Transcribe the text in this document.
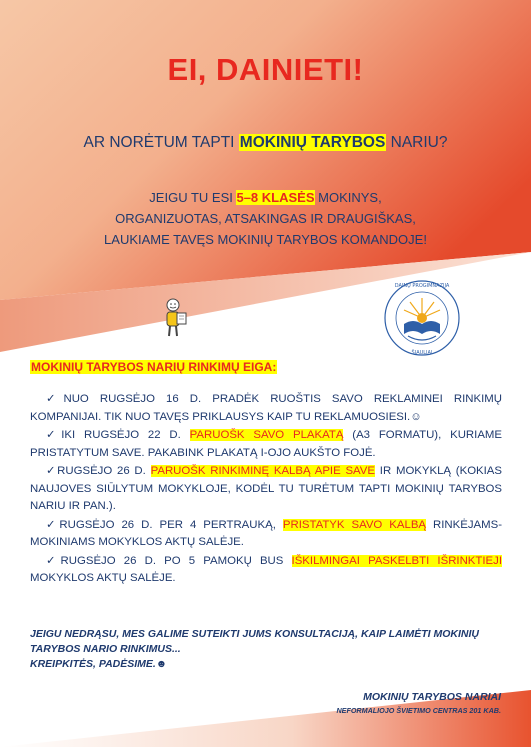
EI, DAINIETI!
AR NORĖTUM TAPTI MOKINIŲ TARYBOS NARIU?
JEIGU TU ESI 5–8 KLASĖS MOKINYS,
ORGANIZUOTAS, ATSAKINGAS IR DRAUGIŠKAS,
LAUKIAME TAVĘS MOKINIŲ TARYBOS KOMANDOJE!
DAINŲ PROGIMNAZIJA
ŠIAULIAI
MOKINIŲ TARYBOS NARIŲ RINKIMŲ EIGA:

✓NUO RUGSĖJO 16 D. PRADĖK RUOŠTIS SAVO REKLAMINEI RINKIMŲ KOMPANIJAI. TIK NUO TAVĘS PRIKLAUSYS KAIP TU REKLAMUOSIESI.☺

✓IKI RUGSĖJO 22 D. PARUOŠK SAVO PLAKATĄ (A3 FORMATU), KURIAME PRISTATYTUM SAVE. PAKABINK PLAKATĄ I-OJO AUKŠTO FOJĖ.

✓RUGSĖJO 26 D. PARUOŠK RINKIMINĘ KALBĄ APIE SAVE IR MOKYKLĄ (KOKIAS NAUJOVES SIŪLYTUM MOKYKLOJE, KODĖL TU TURĖTUM TAPTI MOKINIŲ TARYBOS NARIU IR PAN.).

✓RUGSĖJO 26 D. PER 4 PERTRAUKĄ, PRISTATYK SAVO KALBĄ RINKĖJAMS-MOKINIAMS MOKYKLOS AKTŲ SALĖJE.

✓RUGSĖJO 26 D. PO 5 PAMOKŲ BUS IŠKILMINGAI PASKELBTI IŠRINKTIEJI MOKYKLOS AKTŲ SALĖJE.

JEIGU NEDRĄSU, MES GALIME SUTEIKTI JUMS KONSULTACIJĄ, KAIP LAIMĖTI MOKINIŲ TARYBOS NARIO RINKIMUS...
KREIPKITĖS, PADĖSIME.☻
MOKINIŲ TARYBOS NARIAI
NEFORMALIOJO ŠVIETIMO CENTRAS 201 KAB.
